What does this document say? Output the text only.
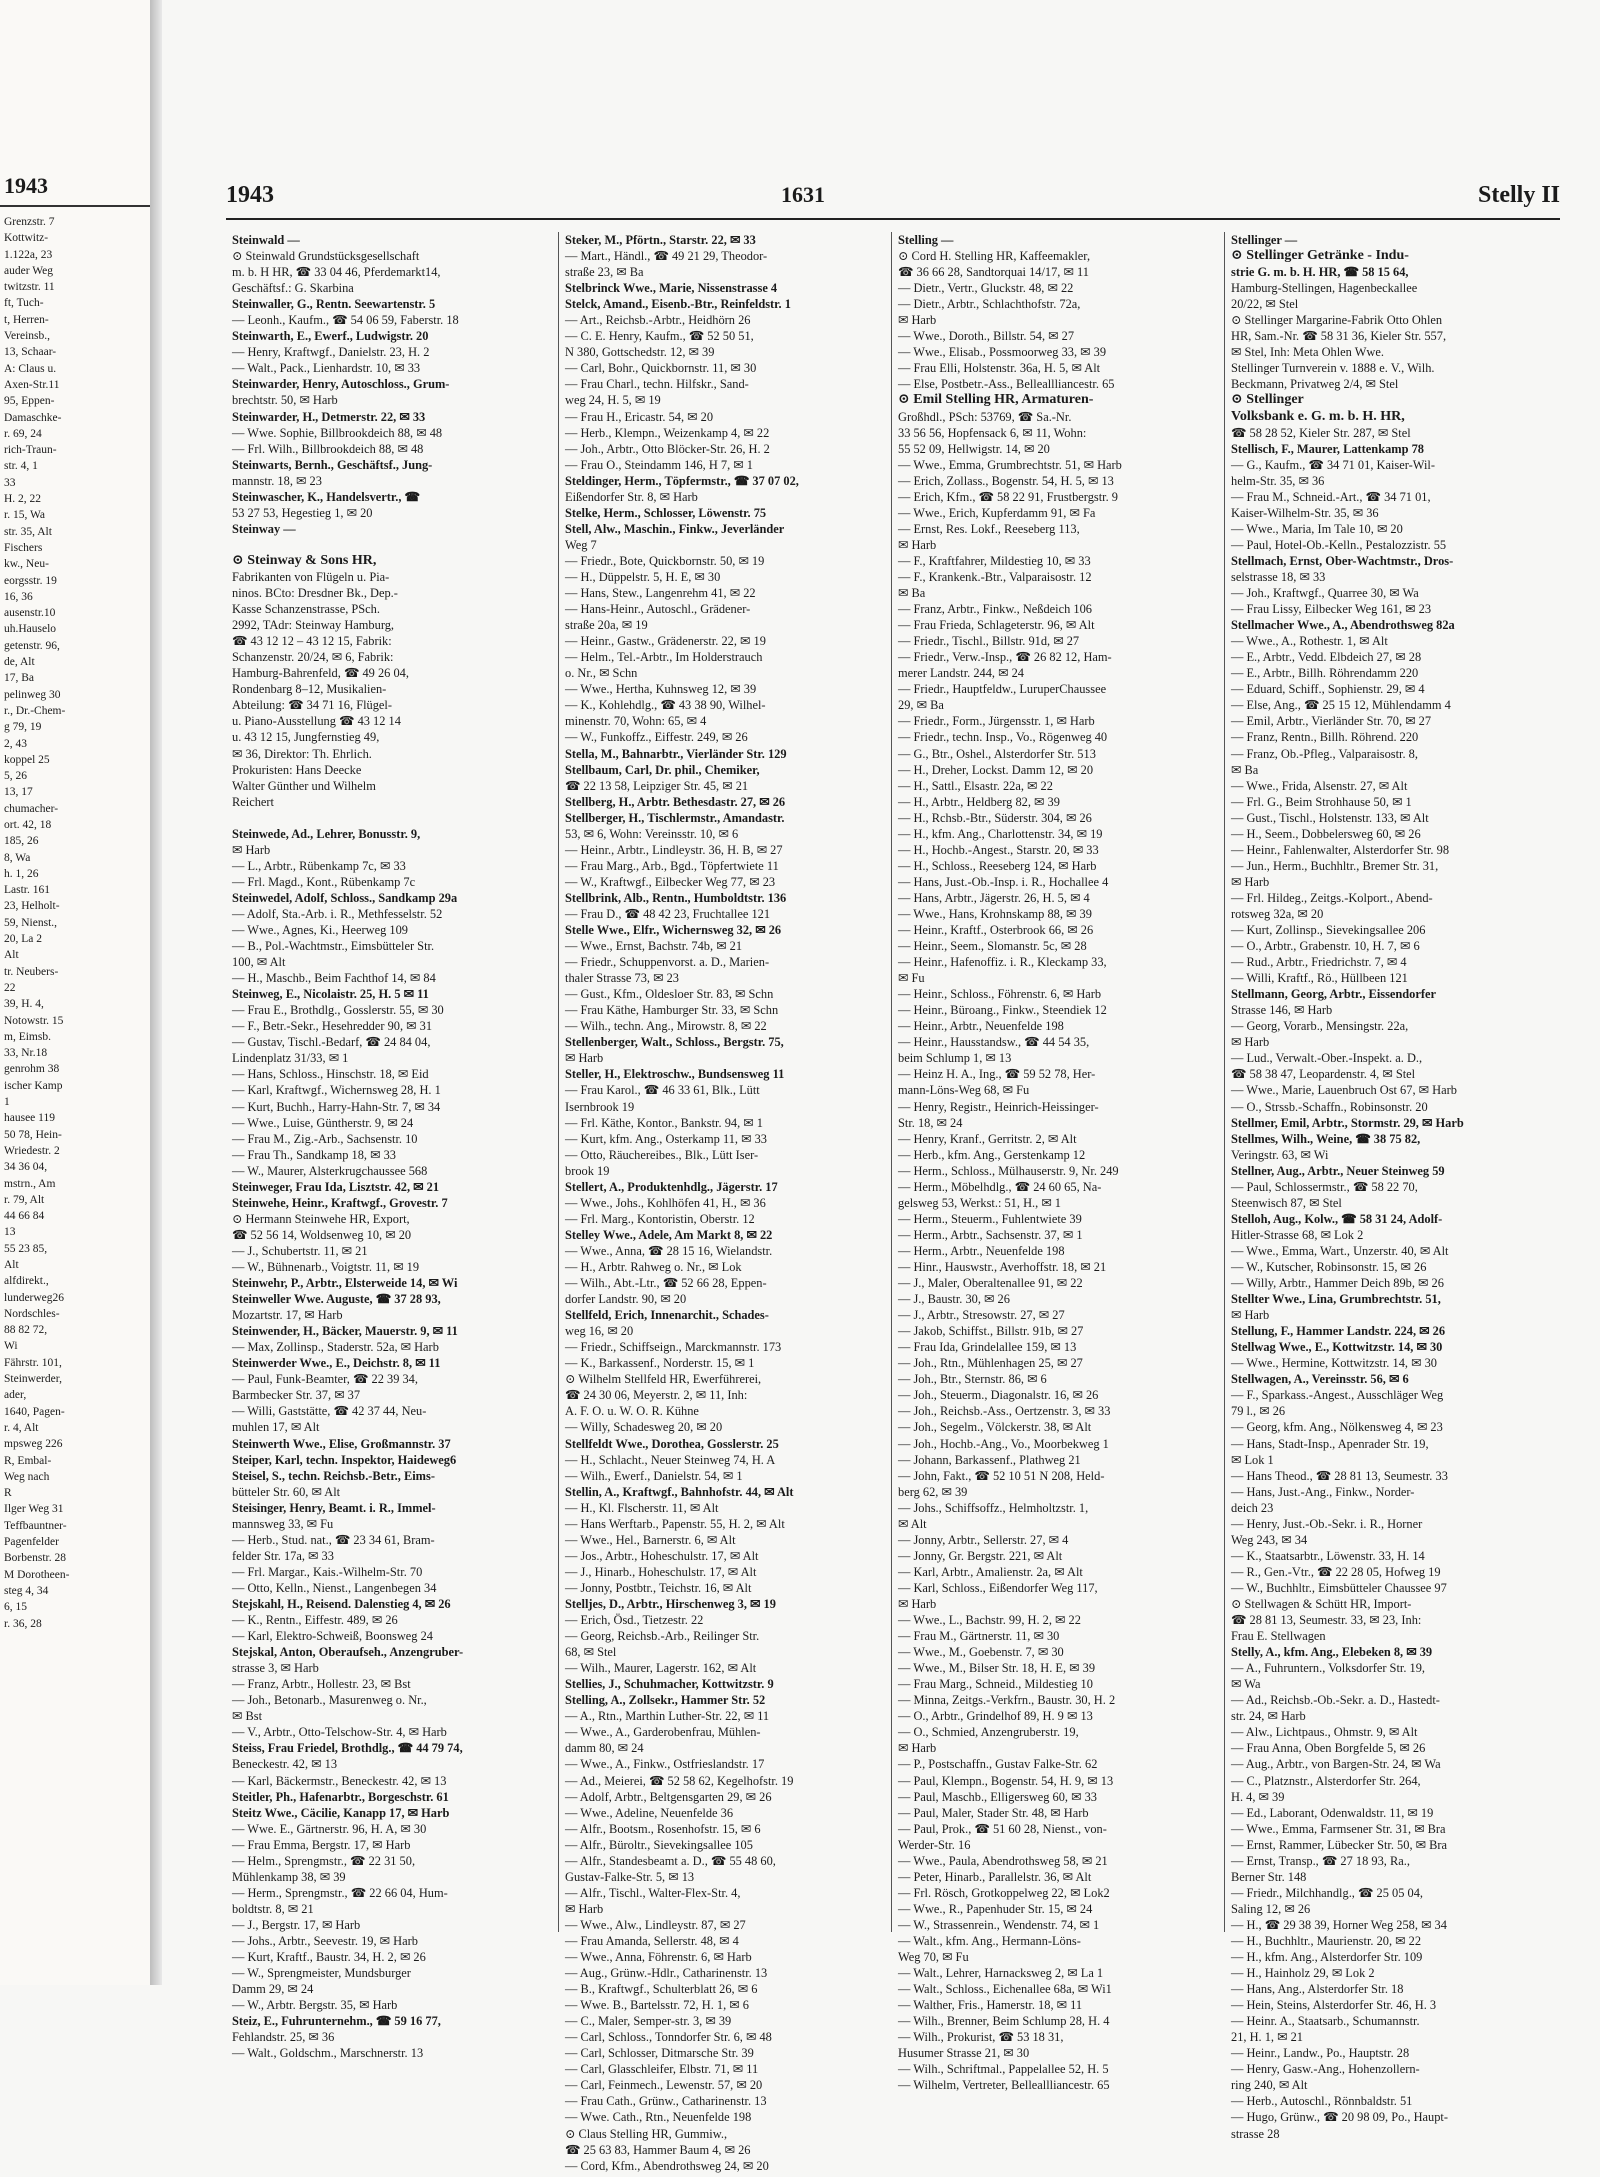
1943
Grenzstr. 7
Kottwitz-
1.122a, 23
auder Weg
twitzstr. 11
ft, Tuch-
t, Herren-
Vereinsb.,
13, Schaar-
A: Claus u.
Axen-Str.11
95, Eppen-
Damaschke-
r. 69, 24
rich-Traun-
str. 4, 1
33
H. 2, 22
r. 15, Wa
str. 35, Alt
Fischers
kw., Neu-
eorgsstr. 19
16, 36
ausenstr.10
uh.Hauselo
getenstr. 96,
de, Alt
17, Ba
pelinweg 30
r., Dr.-Chem-
g 79, 19
2, 43
koppel 25
5, 26
13, 17
chumacher-
ort. 42, 18
185, 26
8, Wa
h. 1, 26
Lastr. 161
23, Helholt-
59, Nienst.,
20, La 2
Alt
tr. Neubers-
22
39, H. 4,
Notowstr. 15
m, Eimsb.
33, Nr.18
genrohm 38
ischer Kamp
1
hausee 119
50 78, Hein-
Wriedestr. 2
34 36 04,
mstrn., Am
r. 79, Alt
44 66 84
13
55 23 85,
Alt
alfdirekt.,
lunderweg26
Nordschles-
88 82 72,
Wi
Fährstr. 101,
Steinwerder,
ader,
1640, Pagen-
r. 4, Alt
mpsweg 226
R, Embal-
Weg nach
R
Ilger Weg 31
Teffbauntner-
Pagenfelder
Borbenstr. 28
M Dorotheen-
steg 4, 34
6, 15
r. 36, 28
1943	1631	Stelly II
Steinwald —
⊙ Steinwald Grundstücksgesellschaft
m. b. H HR, ☎ 33 04 46, Pferdemarkt14,
Geschäftsf.: G. Skarbina
Steinwaller, G., Rentn. Seewartenstr. 5
— Leonh., Kaufm., ☎ 54 06 59, Faberstr. 18
Steinwarth, E., Ewerf., Ludwigstr. 20
— Henry, Kraftwgf., Danielstr. 23, H. 2
— Walt., Pack., Lienhardstr. 10, ✉ 33
Steinwarder, Henry, Autoschloss., Grum-
brechtstr. 50, ✉ Harb
Steinwarder, H., Detmerstr. 22, ✉ 33
— Wwe. Sophie, Billbrookdeich 88, ✉ 48
— Frl. Wilh., Billbrookdeich 88, ✉ 48
Steinwarts, Bernh., Geschäftsf., Jung-
mannstr. 18, ✉ 23
Steinwascher, K., Handelsvertr., ☎
53 27 53, Hegestieg 1, ✉ 20
Steinway —

⊙ Steinway & Sons HR,
Fabrikanten von Flügeln u. Pia-
ninos. BCto: Dresdner Bk., Dep.-
Kasse Schanzenstrasse, PSch.
2992, TAdr: Steinway Hamburg,
☎ 43 12 12 – 43 12 15, Fabrik:
Schanzenstr. 20/24, ✉ 6, Fabrik:
Hamburg-Bahrenfeld, ☎ 49 26 04,
Rondenbarg 8–12, Musikalien-
Abteilung: ☎ 34 71 16, Flügel-
u. Piano-Ausstellung ☎ 43 12 14
u. 43 12 15, Jungfernstieg 49,
✉ 36, Direktor: Th. Ehrlich.
Prokuristen: Hans Deecke
Walter Günther und Wilhelm
Reichert

Steinwede, Ad., Lehrer, Bonusstr. 9,
✉ Harb
— L., Arbtr., Rübenkamp 7c, ✉ 33
— Frl. Magd., Kont., Rübenkamp 7c
Steinwedel, Adolf, Schloss., Sandkamp 29a
— Adolf, Sta.-Arb. i. R., Methfesselstr. 52
— Wwe., Agnes, Ki., Heerweg 109
— B., Pol.-Wachtmstr., Eimsbütteler Str.
100, ✉ Alt
— H., Maschb., Beim Fachthof 14, ✉ 84
Steinweg, E., Nicolaistr. 25, H. 5 ✉ 11
— Frau E., Brothdlg., Gosslerstr. 55, ✉ 30
— F., Betr.-Sekr., Hesehredder 90, ✉ 31
— Gustav, Tischl.-Bedarf, ☎ 24 84 04,
Lindenplatz 31/33, ✉ 1
— Hans, Schloss., Hinschstr. 18, ✉ Eid
— Karl, Kraftwgf., Wichernsweg 28, H. 1
— Kurt, Buchh., Harry-Hahn-Str. 7, ✉ 34
— Wwe., Luise, Güntherstr. 9, ✉ 24
— Frau M., Zig.-Arb., Sachsenstr. 10
— Frau Th., Sandkamp 18, ✉ 33
— W., Maurer, Alsterkrugchaussee 568
Steinweger, Frau Ida, Lisztstr. 42, ✉ 21
Steinwehe, Heinr., Kraftwgf., Grovestr. 7
⊙ Hermann Steinwehe HR, Export,
☎ 52 56 14, Woldsenweg 10, ✉ 20
— J., Schubertstr. 11, ✉ 21
— W., Bühnenarb., Voigtstr. 11, ✉ 19
Steinwehr, P., Arbtr., Elsterweide 14, ✉ Wi
Steinweller Wwe. Auguste, ☎ 37 28 93,
Mozartstr. 17, ✉ Harb
Steinwender, H., Bäcker, Mauerstr. 9, ✉ 11
— Max, Zollinsp., Staderstr. 52a, ✉ Harb
Steinwerder Wwe., E., Deichstr. 8, ✉ 11
— Paul, Funk-Beamter, ☎ 22 39 34,
Barmbecker Str. 37, ✉ 37
— Willi, Gaststätte, ☎ 42 37 44, Neu-
muhlen 17, ✉ Alt
Steinwerth Wwe., Elise, Großmannstr. 37
Steiper, Karl, techn. Inspektor, Haideweg6
Steisel, S., techn. Reichsb.-Betr., Eims-
bütteler Str. 60, ✉ Alt
Steisinger, Henry, Beamt. i. R., Immel-
mannsweg 33, ✉ Fu
— Herb., Stud. nat., ☎ 23 34 61, Bram-
felder Str. 17a, ✉ 33
— Frl. Margar., Kais.-Wilhelm-Str. 70
— Otto, Kelln., Nienst., Langenbegen 34
Stejskahl, H., Reisend. Dalenstieg 4, ✉ 26
— K., Rentn., Eiffestr. 489, ✉ 26
— Karl, Elektro-Schweiß, Boonsweg 24
Stejskal, Anton, Oberaufseh., Anzengruber-
strasse 3, ✉ Harb
— Franz, Arbtr., Hollestr. 23, ✉ Bst
— Joh., Betonarb., Masurenweg o. Nr.,
✉ Bst
— V., Arbtr., Otto-Telschow-Str. 4, ✉ Harb
Steiss, Frau Friedel, Brothdlg., ☎ 44 79 74,
Beneckestr. 42, ✉ 13
— Karl, Bäckermstr., Beneckestr. 42, ✉ 13
Steitler, Ph., Hafenarbtr., Borgeschstr. 61
Steitz Wwe., Cäcilie, Kanapp 17, ✉ Harb
— Wwe. E., Gärtnerstr. 96, H. A, ✉ 30
— Frau Emma, Bergstr. 17, ✉ Harb
— Helm., Sprengmstr., ☎ 22 31 50,
Mühlenkamp 38, ✉ 39
— Herm., Sprengmstr., ☎ 22 66 04, Hum-
boldtstr. 8, ✉ 21
— J., Bergstr. 17, ✉ Harb
— Johs., Arbtr., Seevestr. 19, ✉ Harb
— Kurt, Kraftf., Baustr. 34, H. 2, ✉ 26
— W., Sprengmeister, Mundsburger
Damm 29, ✉ 24
— W., Arbtr. Bergstr. 35, ✉ Harb
Steiz, E., Fuhrunternehm., ☎ 59 16 77,
Fehlandstr. 25, ✉ 36
— Walt., Goldschm., Marschnerstr. 13
Steker, M., Pförtn., Starstr. 22, ✉ 33
— Mart., Händl., ☎ 49 21 29, Theodor-
straße 23, ✉ Ba
Stelbrinck Wwe., Marie, Nissenstrasse 4
Stelck, Amand., Eisenb.-Btr., Reinfeldstr. 1
— Art., Reichsb.-Arbtr., Heidhörn 26
— C. E. Henry, Kaufm., ☎ 52 50 51,
N 380, Gottschedstr. 12, ✉ 39
— Carl, Bohr., Quickbornstr. 11, ✉ 30
— Frau Charl., techn. Hilfskr., Sand-
weg 24, H. 5, ✉ 19
— Frau H., Ericastr. 54, ✉ 20
— Herb., Klempn., Weizenkamp 4, ✉ 22
— Joh., Arbtr., Otto Blöcker-Str. 26, H. 2
— Frau O., Steindamm 146, H 7, ✉ 1
Steldinger, Herm., Töpfermstr., ☎ 37 07 02,
Eißendorfer Str. 8, ✉ Harb
Stelke, Herm., Schlosser, Löwenstr. 75
Stell, Alw., Maschin., Finkw., Jeverländer
Weg 7
— Friedr., Bote, Quickbornstr. 50, ✉ 19
— H., Düppelstr. 5, H. E, ✉ 30
— Hans, Stew., Langenrehm 41, ✉ 22
— Hans-Heinr., Autoschl., Grädener-
straße 20a, ✉ 19
— Heinr., Gastw., Grädenerstr. 22, ✉ 19
— Helm., Tel.-Arbtr., Im Holderstrauch
o. Nr., ✉ Schn
— Wwe., Hertha, Kuhnsweg 12, ✉ 39
— K., Kohlehdlg., ☎ 43 38 90, Wilhel-
minenstr. 70, Wohn: 65, ✉ 4
— W., Funkoffz., Eiffestr. 249, ✉ 26
Stella, M., Bahnarbtr., Vierländer Str. 129
Stellbaum, Carl, Dr. phil., Chemiker,
☎ 22 13 58, Leipziger Str. 45, ✉ 21
Stellberg, H., Arbtr. Bethesdastr. 27, ✉ 26
Stellberger, H., Tischlermstr., Amandastr.
53, ✉ 6, Wohn: Vereinsstr. 10, ✉ 6
— Heinr., Arbtr., Lindleystr. 36, H. B, ✉ 27
— Frau Marg., Arb., Bgd., Töpfertwiete 11
— W., Kraftwgf., Eilbecker Weg 77, ✉ 23
Stellbrink, Alb., Rentn., Humboldtstr. 136
— Frau D., ☎ 48 42 23, Fruchtallee 121
Stelle Wwe., Elfr., Wichernsweg 32, ✉ 26
— Wwe., Ernst, Bachstr. 74b, ✉ 21
— Friedr., Schuppenvorst. a. D., Marien-
thaler Strasse 73, ✉ 23
— Gust., Kfm., Oldesloer Str. 83, ✉ Schn
— Frau Käthe, Hamburger Str. 33, ✉ Schn
— Wilh., techn. Ang., Mirowstr. 8, ✉ 22
Stellenberger, Walt., Schloss., Bergstr. 75,
✉ Harb
Steller, H., Elektroschw., Bundsensweg 11
— Frau Karol., ☎ 46 33 61, Blk., Lütt
Isernbrook 19
— Frl. Käthe, Kontor., Bankstr. 94, ✉ 1
— Kurt, kfm. Ang., Osterkamp 11, ✉ 33
— Otto, Räuchereibes., Blk., Lütt Iser-
brook 19
Stellert, A., Produktenhdlg., Jägerstr. 17
— Wwe., Johs., Kohlhöfen 41, H., ✉ 36
— Frl. Marg., Kontoristin, Oberstr. 12
Stelley Wwe., Adele, Am Markt 8, ✉ 22
— Wwe., Anna, ☎ 28 15 16, Wielandstr.
— H., Arbtr. Rahweg o. Nr., ✉ Lok
— Wilh., Abt.-Ltr., ☎ 52 66 28, Eppen-
dorfer Landstr. 90, ✉ 20
Stellfeld, Erich, Innenarchit., Schades-
weg 16, ✉ 20
— Friedr., Schiffseign., Marckmannstr. 173
— K., Barkassenf., Norderstr. 15, ✉ 1
⊙ Wilhelm Stellfeld HR, Ewerführerei,
☎ 24 30 06, Meyerstr. 2, ✉ 11, Inh:
A. F. O. u. W. O. R. Kühne
— Willy, Schadesweg 20, ✉ 20
Stellfeldt Wwe., Dorothea, Gosslerstr. 25
— H., Schlacht., Neuer Steinweg 74, H. A
— Wilh., Ewerf., Danielstr. 54, ✉ 1
Stellin, A., Kraftwgf., Bahnhofstr. 44, ✉ Alt
— H., Kl. Flscherstr. 11, ✉ Alt
— Hans Werftarb., Papenstr. 55, H. 2, ✉ Alt
— Wwe., Hel., Barnerstr. 6, ✉ Alt
— Jos., Arbtr., Hoheschulstr. 17, ✉ Alt
— J., Hinarb., Hoheschulstr. 17, ✉ Alt
— Jonny, Postbtr., Teichstr. 16, ✉ Alt
Stelljes, D., Arbtr., Hirschenweg 3, ✉ 19
— Erich, Ösd., Tietzestr. 22
— Georg, Reichsb.-Arb., Reilinger Str.
68, ✉ Stel
— Wilh., Maurer, Lagerstr. 162, ✉ Alt
Stellies, J., Schuhmacher, Kottwitzstr. 9
Stelling, A., Zollsekr., Hammer Str. 52
— A., Rtn., Marthin Luther-Str. 22, ✉ 11
— Wwe., A., Garderobenfrau, Mühlen-
damm 80, ✉ 24
— Wwe., A., Finkw., Ostfrieslandstr. 17
— Ad., Meierei, ☎ 52 58 62, Kegelhofstr. 19
— Adolf, Arbtr., Beltgensgarten 29, ✉ 26
— Wwe., Adeline, Neuenfelde 36
— Alfr., Bootsm., Rosenhofstr. 15, ✉ 6
— Alfr., Büroltr., Sievekingsallee 105
— Alfr., Standesbeamt a. D., ☎ 55 48 60,
Gustav-Falke-Str. 5, ✉ 13
— Alfr., Tischl., Walter-Flex-Str. 4,
✉ Harb
— Wwe., Alw., Lindleystr. 87, ✉ 27
— Frau Amanda, Sellerstr. 48, ✉ 4
— Wwe., Anna, Föhrenstr. 6, ✉ Harb
— Aug., Grünw.-Hdlr., Catharinenstr. 13
— B., Kraftwgf., Schulterblatt 26, ✉ 6
— Wwe. B., Bartelsstr. 72, H. 1, ✉ 6
— C., Maler, Semper-str. 3, ✉ 39
— Carl, Schloss., Tonndorfer Str. 6, ✉ 48
— Carl, Schlosser, Ditmarsche Str. 39
— Carl, Glasschleifer, Elbstr. 71, ✉ 11
— Carl, Feinmech., Lewenstr. 57, ✉ 20
— Frau Cath., Grünw., Catharinenstr. 13
— Wwe. Cath., Rtn., Neuenfelde 198
⊙ Claus Stelling HR, Gummiw.,
☎ 25 63 83, Hammer Baum 4, ✉ 26
— Cord, Kfm., Abendrothsweg 24, ✉ 20
Stelling —
⊙ Cord H. Stelling HR, Kaffeemakler,
☎ 36 66 28, Sandtorquai 14/17, ✉ 11
— Dietr., Vertr., Gluckstr. 48, ✉ 22
— Dietr., Arbtr., Schlachthofstr. 72a,
✉ Harb
— Wwe., Doroth., Billstr. 54, ✉ 27
— Wwe., Elisab., Possmoorweg 33, ✉ 39
— Frau Elli, Holstenstr. 36a, H. 5, ✉ Alt
— Else, Postbetr.-Ass., Belleallliancestr. 65
⊙ Emil Stelling HR, Armaturen-
Großhdl., PSch: 53769, ☎ Sa.-Nr.
33 56 56, Hopfensack 6, ✉ 11, Wohn:
55 52 09, Hellwigstr. 14, ✉ 20
— Wwe., Emma, Grumbrechtstr. 51, ✉ Harb
— Erich, Zollass., Bogenstr. 54, H. 5, ✉ 13
— Erich, Kfm., ☎ 58 22 91, Frustbergstr. 9
— Wwe., Erich, Kupferdamm 91, ✉ Fa
— Ernst, Res. Lokf., Reeseberg 113,
✉ Harb
— F., Kraftfahrer, Mildestieg 10, ✉ 33
— F., Krankenk.-Btr., Valparaisostr. 12
✉ Ba
— Franz, Arbtr., Finkw., Neßdeich 106
— Frau Frieda, Schlageterstr. 96, ✉ Alt
— Friedr., Tischl., Billstr. 91d, ✉ 27
— Friedr., Verw.-Insp., ☎ 26 82 12, Ham-
merer Landstr. 244, ✉ 24
— Friedr., Hauptfeldw., LuruperChaussee
29, ✉ Ba
— Friedr., Form., Jürgensstr. 1, ✉ Harb
— Friedr., techn. Insp., Vo., Rögenweg 40
— G., Btr., Oshel., Alsterdorfer Str. 513
— H., Dreher, Lockst. Damm 12, ✉ 20
— H., Sattl., Elsastr. 22a, ✉ 22
— H., Arbtr., Heldberg 82, ✉ 39
— H., Rchsb.-Btr., Süderstr. 304, ✉ 26
— H., kfm. Ang., Charlottenstr. 34, ✉ 19
— H., Hochb.-Angest., Starstr. 20, ✉ 33
— H., Schloss., Reeseberg 124, ✉ Harb
— Hans, Just.-Ob.-Insp. i. R., Hochallee 4
— Hans, Arbtr., Jägerstr. 26, H. 5, ✉ 4
— Wwe., Hans, Krohnskamp 88, ✉ 39
— Heinr., Kraftf., Osterbrook 66, ✉ 26
— Heinr., Seem., Slomanstr. 5c, ✉ 28
— Heinr., Hafenoffiz. i. R., Kleckamp 33,
✉ Fu
— Heinr., Schloss., Föhrenstr. 6, ✉ Harb
— Heinr., Büroang., Finkw., Steendiek 12
— Heinr., Arbtr., Neuenfelde 198
— Heinr., Hausstandsw., ☎ 44 54 35,
beim Schlump 1, ✉ 13
— Heinz H. A., Ing., ☎ 59 52 78, Her-
mann-Löns-Weg 68, ✉ Fu
— Henry, Registr., Heinrich-Heissinger-
Str. 18, ✉ 24
— Henry, Kranf., Gerritstr. 2, ✉ Alt
— Herb., kfm. Ang., Gerstenkamp 12
— Herm., Schloss., Mülhauserstr. 9, Nr. 249
— Herm., Möbelhdlg., ☎ 24 60 65, Na-
gelsweg 53, Werkst.: 51, H., ✉ 1
— Herm., Steuerm., Fuhlentwiete 39
— Herm., Arbtr., Sachsenstr. 37, ✉ 1
— Herm., Arbtr., Neuenfelde 198
— Hinr., Hauswstr., Averhoffstr. 18, ✉ 21
— J., Maler, Oberaltenallee 91, ✉ 22
— J., Baustr. 30, ✉ 26
— J., Arbtr., Stresowstr. 27, ✉ 27
— Jakob, Schiffst., Billstr. 91b, ✉ 27
— Frau Ida, Grindelallee 159, ✉ 13
— Joh., Rtn., Mühlenhagen 25, ✉ 27
— Joh., Btr., Sternstr. 86, ✉ 6
— Joh., Steuerm., Diagonalstr. 16, ✉ 26
— Joh., Reichsb.-Ass., Oertzenstr. 3, ✉ 33
— Joh., Segelm., Völckerstr. 38, ✉ Alt
— Joh., Hochb.-Ang., Vo., Moorbekweg 1
— Johann, Barkassenf., Plathweg 21
— John, Fakt., ☎ 52 10 51 N 208, Held-
berg 62, ✉ 39
— Johs., Schiffsoffz., Helmholtzstr. 1,
✉ Alt
— Jonny, Arbtr., Sellerstr. 27, ✉ 4
— Jonny, Gr. Bergstr. 221, ✉ Alt
— Karl, Arbtr., Amalienstr. 2a, ✉ Alt
— Karl, Schloss., Eißendorfer Weg 117,
✉ Harb
— Wwe., L., Bachstr. 99, H. 2, ✉ 22
— Frau M., Gärtnerstr. 11, ✉ 30
— Wwe., M., Goebenstr. 7, ✉ 30
— Wwe., M., Bilser Str. 18, H. E, ✉ 39
— Frau Marg., Schneid., Mildestieg 10
— Minna, Zeitgs.-Verkfrn., Baustr. 30, H. 2
— O., Arbtr., Grindelhof 89, H. 9 ✉ 13
— O., Schmied, Anzengruberstr. 19,
✉ Harb
— P., Postschaffn., Gustav Falke-Str. 62
— Paul, Klempn., Bogenstr. 54, H. 9, ✉ 13
— Paul, Maschb., Elligersweg 60, ✉ 33
— Paul, Maler, Stader Str. 48, ✉ Harb
— Paul, Prok., ☎ 51 60 28, Nienst., von-
Werder-Str. 16
— Wwe., Paula, Abendrothsweg 58, ✉ 21
— Peter, Hinarb., Parallelstr. 36, ✉ Alt
— Frl. Rösch, Grotkoppelweg 22, ✉ Lok2
— Wwe., R., Papenhuder Str. 15, ✉ 24
— W., Strassenrein., Wendenstr. 74, ✉ 1
— Walt., kfm. Ang., Hermann-Löns-
Weg 70, ✉ Fu
— Walt., Lehrer, Harnacksweg 2, ✉ La 1
— Walt., Schloss., Eichenallee 68a, ✉ Wi1
— Walther, Fris., Hamerstr. 18, ✉ 11
— Wilh., Brenner, Beim Schlump 28, H. 4
— Wilh., Prokurist, ☎ 53 18 31,
Husumer Strasse 21, ✉ 30
— Wilh., Schriftmal., Pappelallee 52, H. 5
— Wilhelm, Vertreter, Belleallliancestr. 65
Stellinger —
⊙ Stellinger Getränke - Indu-
strie G. m. b. H. HR, ☎ 58 15 64,
Hamburg-Stellingen, Hagenbeckallee
20/22, ✉ Stel
⊙ Stellinger Margarine-Fabrik Otto Ohlen
HR, Sam.-Nr. ☎ 58 31 36, Kieler Str. 557,
✉ Stel, Inh: Meta Ohlen Wwe.
Stellinger Turnverein v. 1888 e. V., Wilh.
Beckmann, Privatweg 2/4, ✉ Stel
⊙ Stellinger
Volksbank e. G. m. b. H. HR,
☎ 58 28 52, Kieler Str. 287, ✉ Stel
Stellisch, F., Maurer, Lattenkamp 78
— G., Kaufm., ☎ 34 71 01, Kaiser-Wil-
helm-Str. 35, ✉ 36
— Frau M., Schneid.-Art., ☎ 34 71 01,
Kaiser-Wilhelm-Str. 35, ✉ 36
— Wwe., Maria, Im Tale 10, ✉ 20
— Paul, Hotel-Ob.-Kelln., Pestalozzistr. 55
Stellmach, Ernst, Ober-Wachtmstr., Dros-
selstrasse 18, ✉ 33
— Joh., Kraftwgf., Quarree 30, ✉ Wa
— Frau Lissy, Eilbecker Weg 161, ✉ 23
Stellmacher Wwe., A., Abendrothsweg 82a
— Wwe., A., Rothestr. 1, ✉ Alt
— E., Arbtr., Vedd. Elbdeich 27, ✉ 28
— E., Arbtr., Billh. Röhrendamm 220
— Eduard, Schiff., Sophienstr. 29, ✉ 4
— Else, Ang., ☎ 25 15 12, Mühlendamm 4
— Emil, Arbtr., Vierländer Str. 70, ✉ 27
— Franz, Rentn., Billh. Röhrend. 220
— Franz, Ob.-Pfleg., Valparaisostr. 8,
✉ Ba
— Wwe., Frida, Alsenstr. 27, ✉ Alt
— Frl. G., Beim Strohhause 50, ✉ 1
— Gust., Tischl., Holstenstr. 133, ✉ Alt
— H., Seem., Dobbelersweg 60, ✉ 26
— Heinr., Fahlenwalter, Alsterdorfer Str. 98
— Jun., Herm., Buchhltr., Bremer Str. 31,
✉ Harb
— Frl. Hildeg., Zeitgs.-Kolport., Abend-
rotsweg 32a, ✉ 20
— Kurt, Zollinsp., Sievekingsallee 206
— O., Arbtr., Grabenstr. 10, H. 7, ✉ 6
— Rud., Arbtr., Friedrichstr. 7, ✉ 4
— Willi, Kraftf., Rö., Hüllbeen 121
Stellmann, Georg, Arbtr., Eissendorfer
Strasse 146, ✉ Harb
— Georg, Vorarb., Mensingstr. 22a,
✉ Harb
— Lud., Verwalt.-Ober.-Inspekt. a. D.,
☎ 58 38 47, Leopardenstr. 4, ✉ Stel
— Wwe., Marie, Lauenbruch Ost 67, ✉ Harb
— O., Strssb.-Schaffn., Robinsonstr. 20
Stellmer, Emil, Arbtr., Stormstr. 29, ✉ Harb
Stellmes, Wilh., Weine, ☎ 38 75 82,
Veringstr. 63, ✉ Wi
Stellner, Aug., Arbtr., Neuer Steinweg 59
— Paul, Schlossermstr., ☎ 58 22 70,
Steenwisch 87, ✉ Stel
Stelloh, Aug., Kolw., ☎ 58 31 24, Adolf-
Hitler-Strasse 68, ✉ Lok 2
— Wwe., Emma, Wart., Unzerstr. 40, ✉ Alt
— W., Kutscher, Robinsonstr. 15, ✉ 26
— Willy, Arbtr., Hammer Deich 89b, ✉ 26
Stellter Wwe., Lina, Grumbrechtstr. 51,
✉ Harb
Stellung, F., Hammer Landstr. 224, ✉ 26
Stellwag Wwe., E., Kottwitzstr. 14, ✉ 30
— Wwe., Hermine, Kottwitzstr. 14, ✉ 30
Stellwagen, A., Vereinsstr. 56, ✉ 6
— F., Sparkass.-Angest., Ausschläger Weg
79 l., ✉ 26
— Georg, kfm. Ang., Nölkensweg 4, ✉ 23
— Hans, Stadt-Insp., Apenrader Str. 19,
✉ Lok 1
— Hans Theod., ☎ 28 81 13, Seumestr. 33
— Hans, Just.-Ang., Finkw., Norder-
deich 23
— Henry, Just.-Ob.-Sekr. i. R., Horner
Weg 243, ✉ 34
— K., Staatsarbtr., Löwenstr. 33, H. 14
— R., Gen.-Vtr., ☎ 22 28 05, Hofweg 19
— W., Buchhltr., Eimsbütteler Chaussee 97
⊙ Stellwagen & Schütt HR, Import-
☎ 28 81 13, Seumestr. 33, ✉ 23, Inh:
Frau E. Stellwagen
Stelly, A., kfm. Ang., Elebeken 8, ✉ 39
— A., Fuhruntern., Volksdorfer Str. 19,
✉ Wa
— Ad., Reichsb.-Ob.-Sekr. a. D., Hastedt-
str. 24, ✉ Harb
— Alw., Lichtpaus., Ohmstr. 9, ✉ Alt
— Frau Anna, Oben Borgfelde 5, ✉ 26
— Aug., Arbtr., von Bargen-Str. 24, ✉ Wa
— C., Platznstr., Alsterdorfer Str. 264,
H. 4, ✉ 39
— Ed., Laborant, Odenwaldstr. 11, ✉ 19
— Wwe., Emma, Farmsener Str. 31, ✉ Bra
— Ernst, Rammer, Lübecker Str. 50, ✉ Bra
— Ernst, Transp., ☎ 27 18 93, Ra.,
Berner Str. 148
— Friedr., Milchhandlg., ☎ 25 05 04,
Saling 12, ✉ 26
— H., ☎ 29 38 39, Horner Weg 258, ✉ 34
— H., Buchhltr., Maurienstr. 20, ✉ 22
— H., kfm. Ang., Alsterdorfer Str. 109
— H., Hainholz 29, ✉ Lok 2
— Hans, Ang., Alsterdorfer Str. 18
— Hein, Steins, Alsterdorfer Str. 46, H. 3
— Heinr. A., Staatsarb., Schumannstr.
21, H. 1, ✉ 21
— Heinr., Landw., Po., Hauptstr. 28
— Henry, Gasw.-Ang., Hohenzollern-
ring 240, ✉ Alt
— Herb., Autoschl., Rönnbaldstr. 51
— Hugo, Grünw., ☎ 20 98 09, Po., Haupt-
strasse 28
